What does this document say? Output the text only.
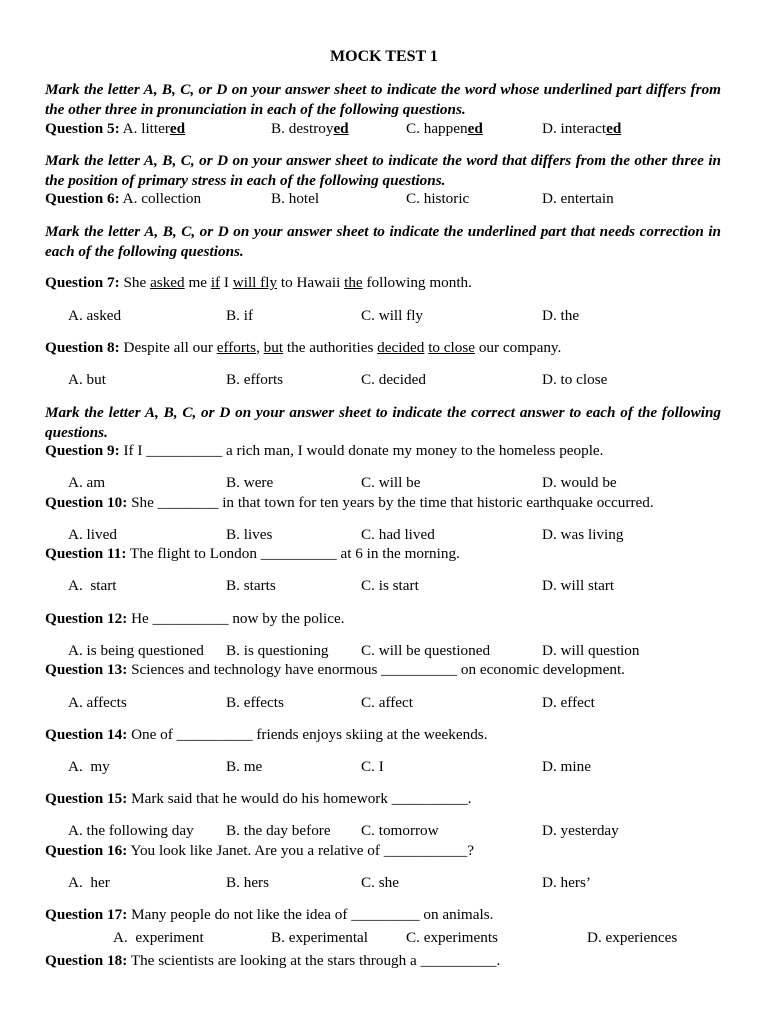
MOCK TEST 1
Mark the letter A, B, C, or D on your answer sheet to indicate the word whose underlined part differs from the other three in pronunciation in each of the following questions.
Question 5: A. littered	B. destroyed	C. happened	D. interacted
Mark the letter A, B, C, or D on your answer sheet to indicate the word that differs from the other three in the position of primary stress in each of the following questions.
Question 6: A. collection	B. hotel	C. historic	D. entertain
Mark the letter A, B, C, or D on your answer sheet to indicate the underlined part that needs correction in each of the following questions.
Question 7: She asked me if I will fly to Hawaii the following month.
A. asked	B. if	C. will fly	D. the
Question 8: Despite all our efforts, but the authorities decided to close our company.
A. but	B. efforts	C. decided	D. to close
Mark the letter A, B, C, or D on your answer sheet to indicate the correct answer to each of the following questions.
Question 9: If I __________ a rich man, I would donate my money to the homeless people.
A. am	B. were	C. will be	D. would be
Question 10: She ________ in that town for ten years by the time that historic earthquake occurred.
A. lived	B. lives	C. had lived	D. was living
Question 11: The flight to London __________ at 6 in the morning.
A.  start	B. starts	C. is start	D. will start
Question 12: He __________ now by the police.
A. is being questioned B. is questioning C. will be questioned	D. will question
Question 13: Sciences and technology have enormous __________ on economic development.
A. affects	B. effects	C. affect	D. effect
Question 14: One of __________ friends enjoys skiing at the weekends.
A.  my	B. me	C. I	D. mine
Question 15: Mark said that he would do his homework __________.
A. the following day B. the day before C. tomorrow	D. yesterday
Question 16: You look like Janet. Are you a relative of ___________?
A.  her	B. hers	C. she	D. hers’
Question 17: Many people do not like the idea of _________ on animals.
A.  experiment	B. experimental	C. experiments	D. experiences
Question 18: The scientists are looking at the stars through a __________.
